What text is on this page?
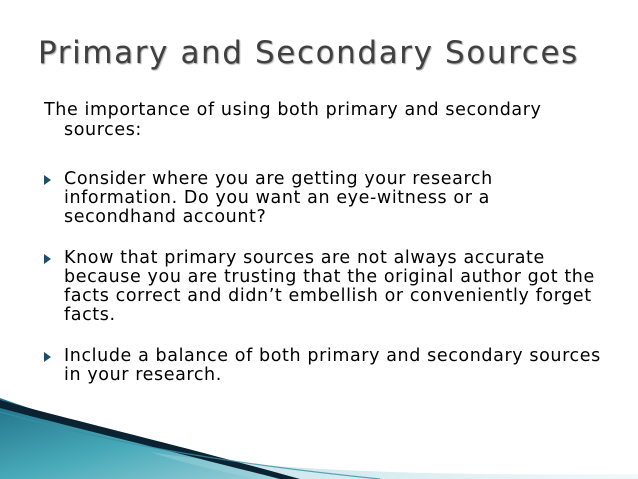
Primary and Secondary Sources

The importance of using both primary and secondary sources:

Consider where you are getting your research information. Do you want an eye-witness or a secondhand account?
Know that primary sources are not always accurate because you are trusting that the original author got the facts correct and didn’t embellish or conveniently forget facts.
Include a balance of both primary and secondary sources in your research.
